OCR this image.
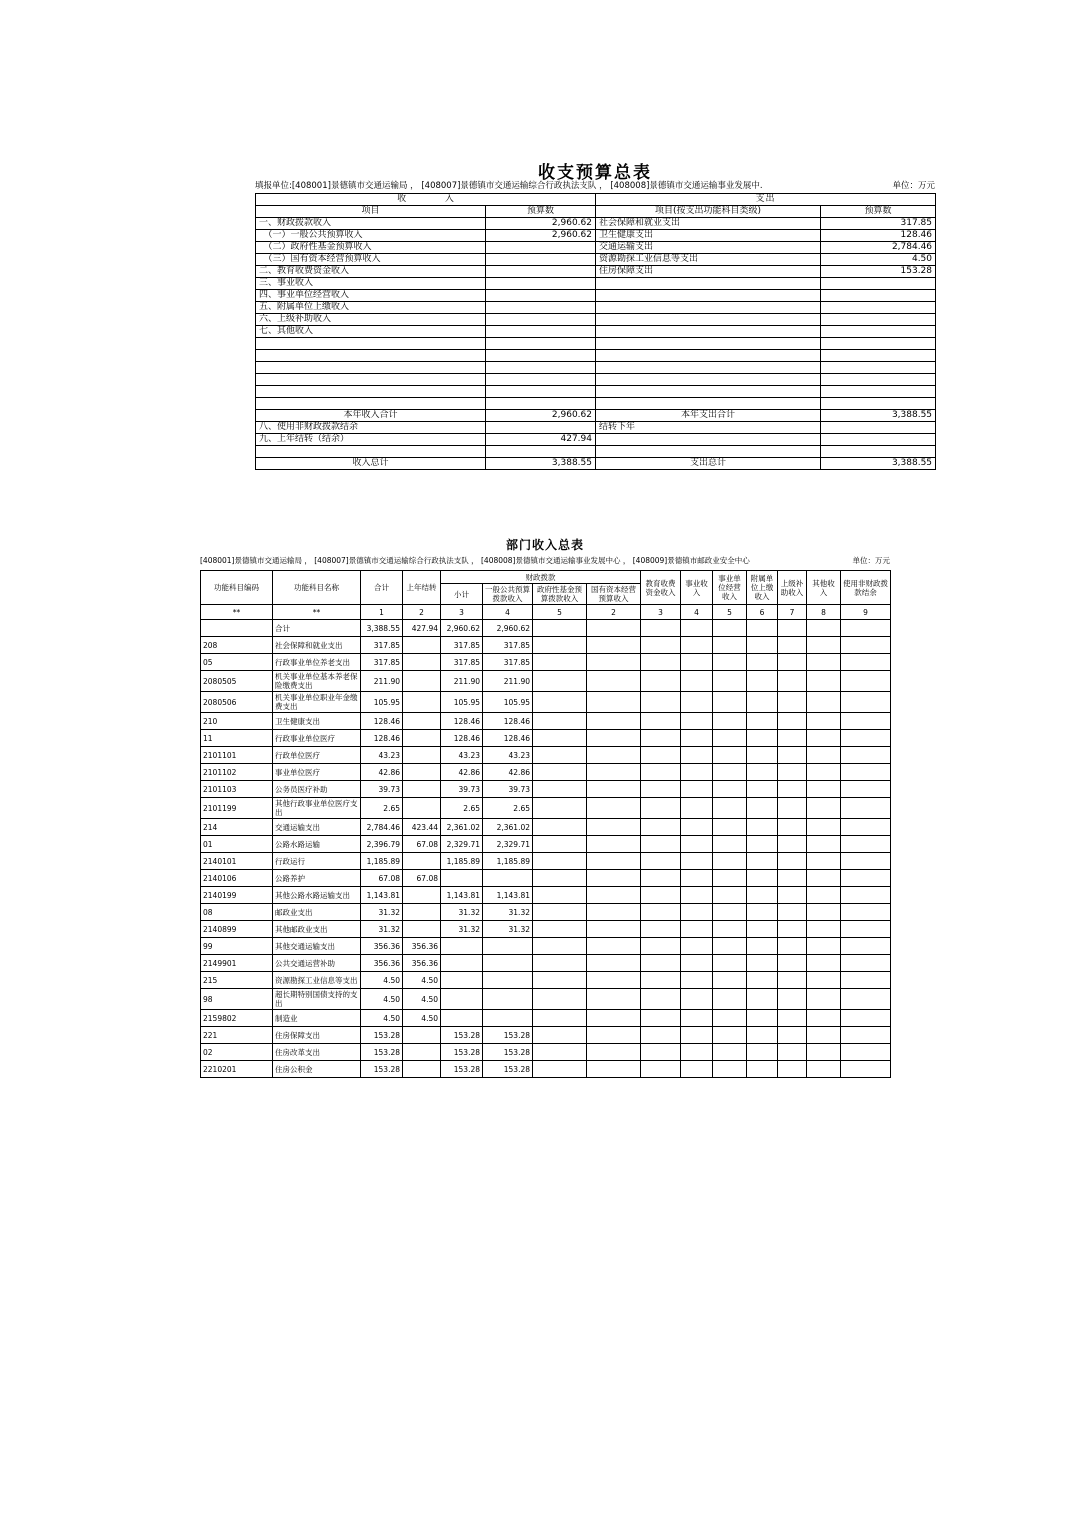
收支预算总表
填报单位:[408001]景德镇市交通运输局 ， [408007]景德镇市交通运输综合行政执法支队 ， [408008]景德镇市交通运输事业发展中.	单位：万元
收 入		支出	
项目	预算数	项目(按支出功能科目类级)	预算数
一、财政拨款收入	2,960.62	社会保障和就业支出	317.85
　（一）一般公共预算收入	2,960.62	卫生健康支出	128.46
　（二）政府性基金预算收入		交通运输支出	2,784.46
　（三）国有资本经营预算收入		资源勘探工业信息等支出	4.50
二、教育收费资金收入		住房保障支出	153.28
三、事业收入			
四、事业单位经营收入			
五、附属单位上缴收入			
六、上级补助收入			
七、其他收入			

本年收入合计	2,960.62	本年支出合计	3,388.55
八、使用非财政拨款结余		结转下年	
九、上年结转（结余）	427.94		

收入总计	3,388.55	支出总计	3,388.55
部门收入总表
[408001]景德镇市交通运输局 ， [408007]景德镇市交通运输综合行政执法支队 ， [408008]景德镇市交通运输事业发展中心 ， [408009]景德镇市邮政业安全中心	单位：万元
功能科目编码	功能科目名称	合计	上年结转	财政拨款				教育收费资金收入	事业收入	事业单位经营收入	附属单位上缴收入	上级补助收入	其他收入	使用非财政拨款结余
				小计	一般公共预算拨款收入	政府性基金预算拨款收入	国有资本经营预算收入							
**	**	1	2	3	4	5	2	3	4	5	6	7	8	9
	合计	3,388.55	427.94	2,960.62	2,960.62									
208	社会保障和就业支出	317.85		317.85	317.85									
05	行政事业单位养老支出	317.85		317.85	317.85									
2080505	机关事业单位基本养老保险缴费支出	211.90		211.90	211.90									
2080506	机关事业单位职业年金缴费支出	105.95		105.95	105.95									
210	卫生健康支出	128.46		128.46	128.46									
11	行政事业单位医疗	128.46		128.46	128.46									
2101101	行政单位医疗	43.23		43.23	43.23									
2101102	事业单位医疗	42.86		42.86	42.86									
2101103	公务员医疗补助	39.73		39.73	39.73									
2101199	其他行政事业单位医疗支出	2.65		2.65	2.65									
214	交通运输支出	2,784.46	423.44	2,361.02	2,361.02									
01	公路水路运输	2,396.79	67.08	2,329.71	2,329.71									
2140101	行政运行	1,185.89		1,185.89	1,185.89									
2140106	公路养护	67.08	67.08											
2140199	其他公路水路运输支出	1,143.81		1,143.81	1,143.81									
08	邮政业支出	31.32		31.32	31.32									
2140899	其他邮政业支出	31.32		31.32	31.32									
99	其他交通运输支出	356.36	356.36											
2149901	公共交通运营补助	356.36	356.36											
215	资源勘探工业信息等支出	4.50	4.50											
98	超长期特别国债支持的支出	4.50	4.50											
2159802	制造业	4.50	4.50											
221	住房保障支出	153.28		153.28	153.28									
02	住房改革支出	153.28		153.28	153.28									
2210201	住房公积金	153.28		153.28	153.28									
